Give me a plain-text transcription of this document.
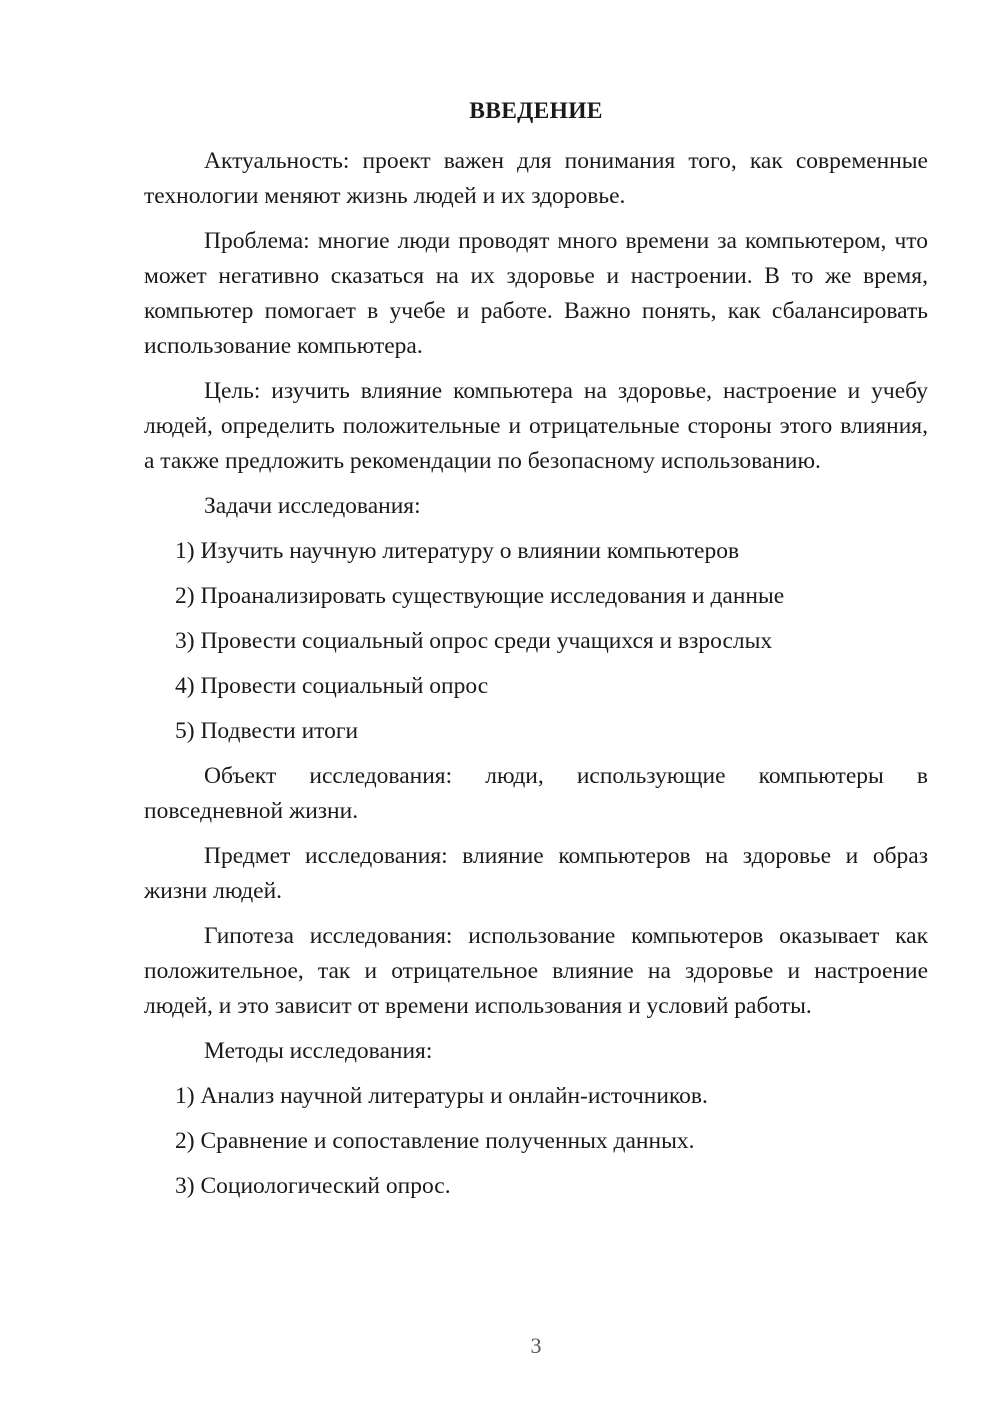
ВВЕДЕНИЕ

Актуальность: проект важен для понимания того, как современные технологии меняют жизнь людей и их здоровье.

Проблема: многие люди проводят много времени за компьютером, что может негативно сказаться на их здоровье и настроении. В то же время, компьютер помогает в учебе и работе. Важно понять, как сбалансировать использование компьютера.

Цель: изучить влияние компьютера на здоровье, настроение и учебу людей, определить положительные и отрицательные стороны этого влияния, а также предложить рекомендации по безопасному использованию.

Задачи исследования:

1) Изучить научную литературу о влиянии компьютеров

2) Проанализировать существующие исследования и данные

3) Провести социальный опрос среди учащихся и взрослых

4) Провести социальный опрос

5) Подвести итоги

Объект исследования: люди, использующие компьютеры в повседневной жизни.

Предмет исследования: влияние компьютеров на здоровье и образ жизни людей.

Гипотеза исследования: использование компьютеров оказывает как положительное, так и отрицательное влияние на здоровье и настроение людей, и это зависит от времени использования и условий работы.

Методы исследования:

1) Анализ научной литературы и онлайн-источников.

2) Сравнение и сопоставление полученных данных.

3) Социологический опрос.

3
